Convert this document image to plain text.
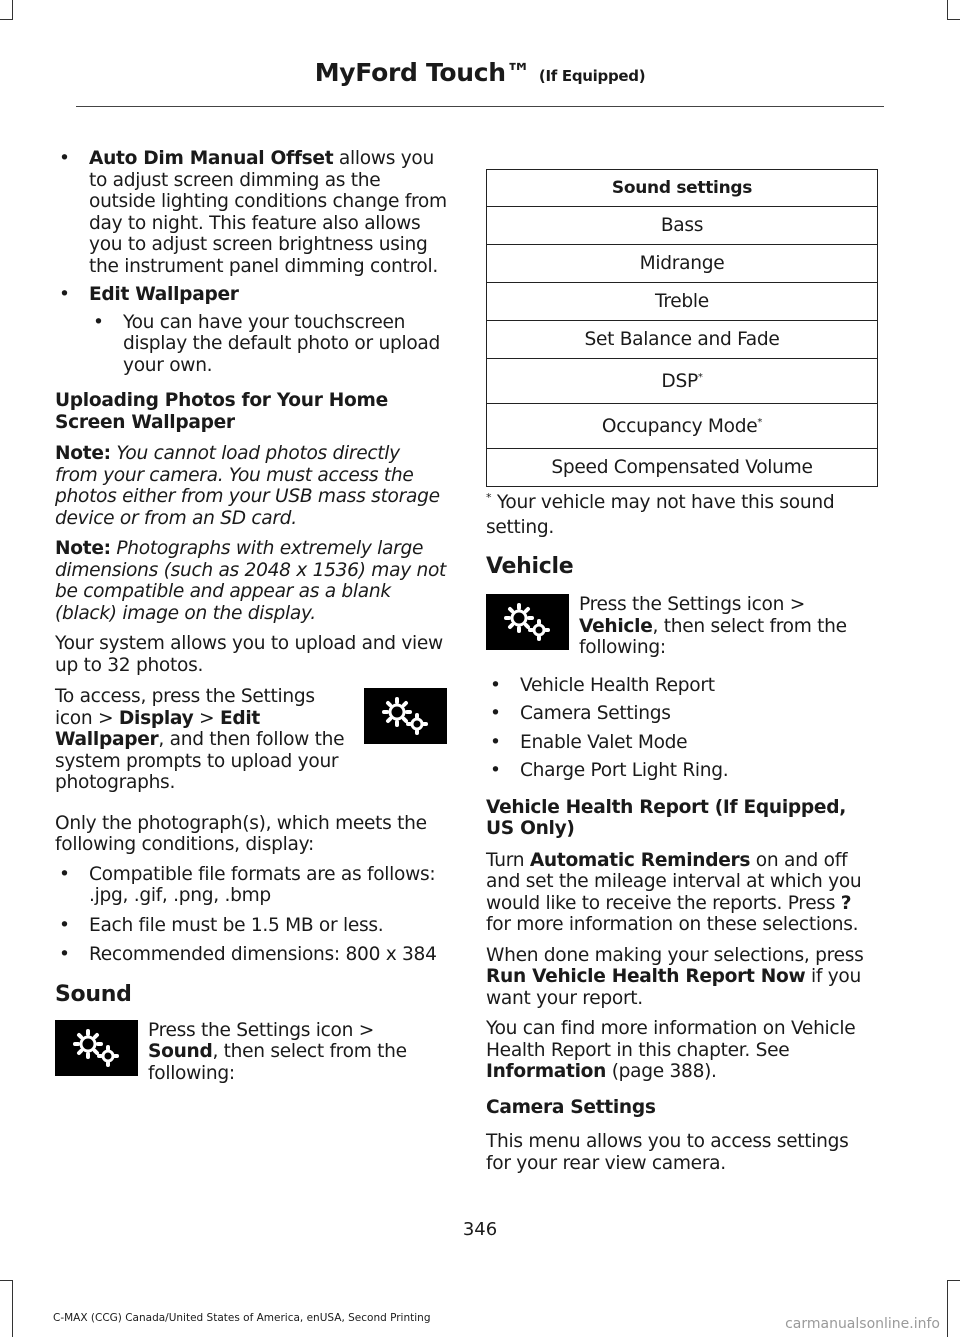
MyFord Touch™ (If Equipped)

• Auto Dim Manual Offset allows you to adjust screen dimming as the outside lighting conditions change from day to night. This feature also allows you to adjust screen brightness using the instrument panel dimming control.

• Edit Wallpaper

• You can have your touchscreen display the default photo or upload your own.

Uploading Photos for Your Home Screen Wallpaper

Note: You cannot load photos directly from your camera. You must access the photos either from your USB mass storage device or from an SD card.

Note: Photographs with extremely large dimensions (such as 2048 x 1536) may not be compatible and appear as a blank (black) image on the display.

Your system allows you to upload and view up to 32 photos.

To access, press the Settings icon > Display > Edit Wallpaper, and then follow the system prompts to upload your photographs.

Only the photograph(s), which meets the following conditions, display:

• Compatible file formats are as follows: .jpg, .gif, .png, .bmp

• Each file must be 1.5 MB or less.

• Recommended dimensions: 800 x 384

Sound

Press the Settings icon > Sound, then select from the following:

Sound settings
Bass
Midrange
Treble
Set Balance and Fade
DSP*
Occupancy Mode*
Speed Compensated Volume

* Your vehicle may not have this sound setting.

Vehicle

Press the Settings icon > Vehicle, then select from the following:

• Vehicle Health Report

• Camera Settings

• Enable Valet Mode

• Charge Port Light Ring.

Vehicle Health Report (If Equipped, US Only)

Turn Automatic Reminders on and off and set the mileage interval at which you would like to receive the reports. Press ? for more information on these selections.

When done making your selections, press Run Vehicle Health Report Now if you want your report.

You can find more information on Vehicle Health Report in this chapter. See Information (page 388).

Camera Settings

This menu allows you to access settings for your rear view camera.

346
C-MAX (CCG) Canada/United States of America, enUSA, Second Printing	carmanualsonline.info
